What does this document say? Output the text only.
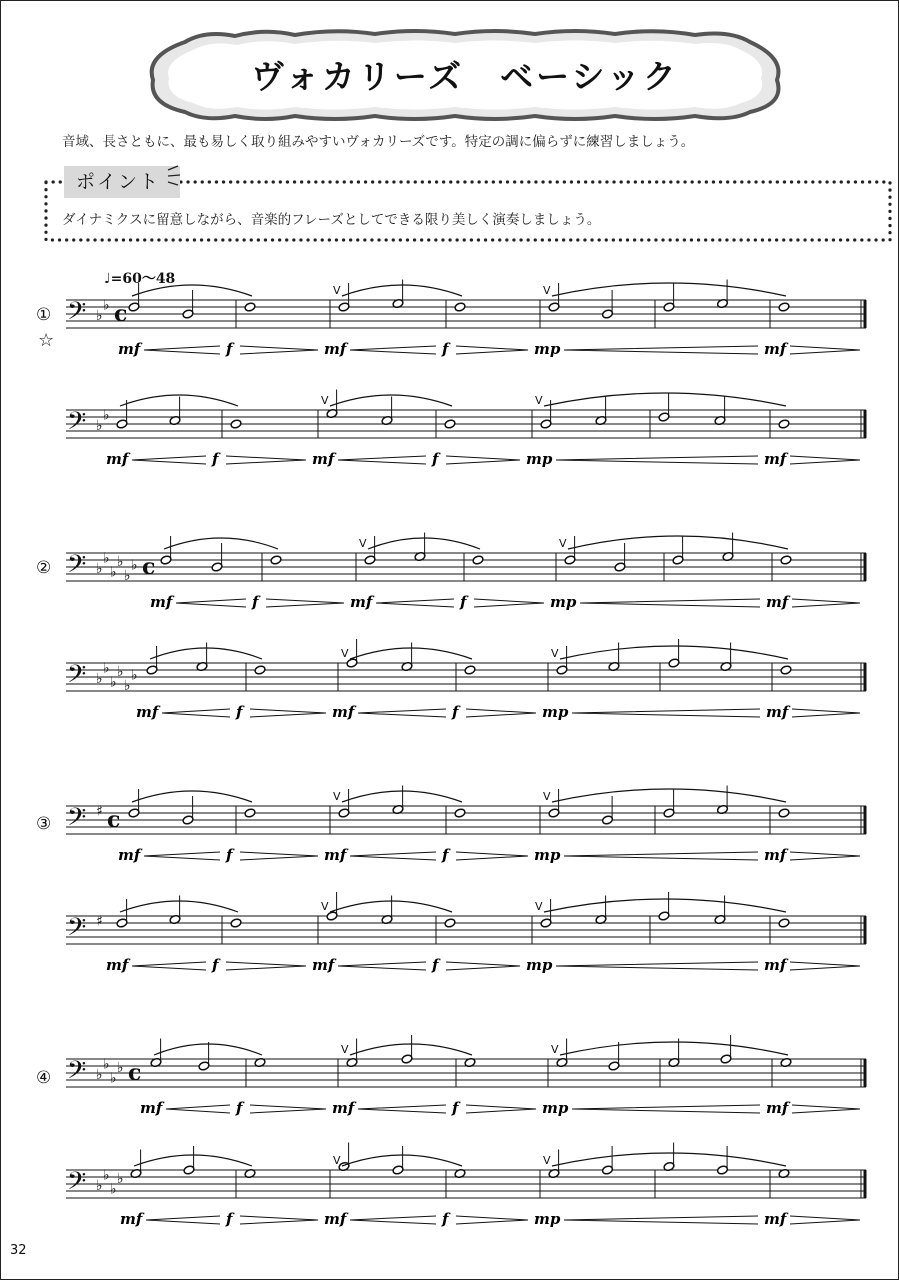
ヴォカリーズ　ベーシック
音域、長さともに、最も易しく取り組みやすいヴォカリーズです。特定の調に偏らずに練習しましょう。
ポイント
ダイナミクスに留意しながら、音楽的フレーズとしてできる限り美しく演奏しましょう。
♩=60〜48
①
☆
②
③
④
32
𝄢 ♭
♭ c
V	V
mf	f	mf	f	mp	mf
𝄢 ♭
♭
V	V
mf	f	mf	f	mp	mf
𝄢 ♭
♭
♭
♭
♭
♭ c
V	V
mf	f	mf	f	mp	mf
𝄢 ♭
♭
♭
♭
♭
♭
V	V
mf	f	mf	f	mp	mf
𝄢 ♯ c
V	V
mf	f	mf	f	mp	mf
𝄢 ♯
V	V
mf	f	mf	f	mp	mf
𝄢 ♭
♭
♭
♭ c
V	V
mf	f	mf	f	mp	mf
𝄢 ♭
♭
♭
♭
V	V
mf	f	mf	f	mp	mf
